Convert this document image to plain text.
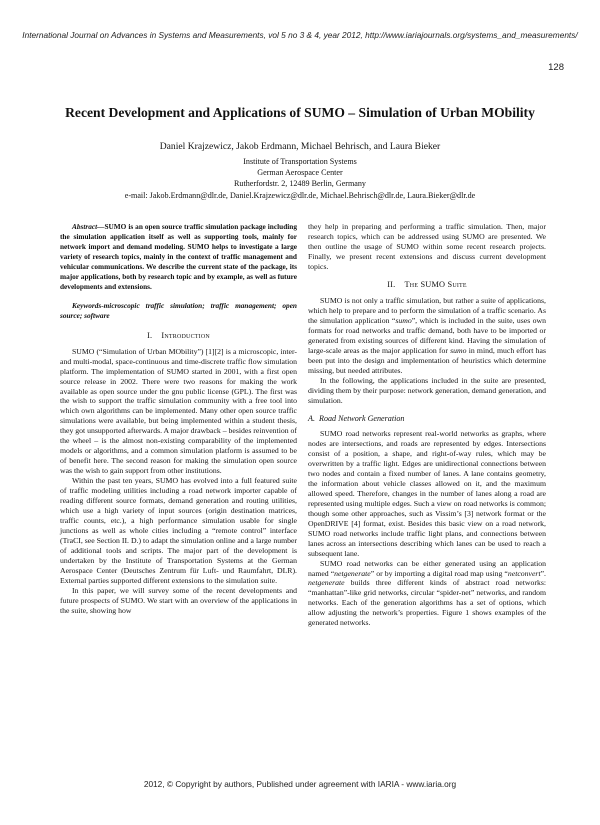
International Journal on Advances in Systems and Measurements, vol 5 no 3 & 4, year 2012, http://www.iariajournals.org/systems_and_measurements/
128
Recent Development and Applications of SUMO – Simulation of Urban MObility
Daniel Krajzewicz, Jakob Erdmann, Michael Behrisch, and Laura Bieker
Institute of Transportation Systems
German Aerospace Center
Rutherfordstr. 2, 12489 Berlin, Germany
e-mail: Jakob.Erdmann@dlr.de, Daniel.Krajzewicz@dlr.de, Michael.Behrisch@dlr.de, Laura.Bieker@dlr.de

Abstract—SUMO is an open source traffic simulation package including the simulation application itself as well as supporting tools, mainly for network import and demand modeling. SUMO helps to investigate a large variety of research topics, mainly in the context of traffic management and vehicular communications. We describe the current state of the package, its major applications, both by research topic and by example, as well as future developments and extensions.

Keywords-microscopic traffic simulation; traffic management; open source; software

I. Introduction

SUMO (“Simulation of Urban MObility”) [1][2] is a microscopic, inter- and multi-modal, space-continuous and time-discrete traffic flow simulation platform. The implementation of SUMO started in 2001, with a first open source release in 2002. There were two reasons for making the work available as open source under the gnu public license (GPL). The first was the wish to support the traffic simulation community with a free tool into which own algorithms can be implemented. Many other open source traffic simulations were available, but being implemented within a student thesis, they got unsupported afterwards. A major drawback – besides reinvention of the wheel – is the almost non-existing comparability of the implemented models or algorithms, and a common simulation platform is assumed to be of benefit here. The second reason for making the simulation open source was the wish to gain support from other institutions.

Within the past ten years, SUMO has evolved into a full featured suite of traffic modeling utilities including a road network importer capable of reading different source formats, demand generation and routing utilities, which use a high variety of input sources (origin destination matrices, traffic counts, etc.), a high performance simulation usable for single junctions as well as whole cities including a “remote control” interface (TraCI, see Section II. D.) to adapt the simulation online and a large number of additional tools and scripts. The major part of the development is undertaken by the Institute of Transportation Systems at the German Aerospace Center (Deutsches Zentrum für Luft- und Raumfahrt, DLR). External parties supported different extensions to the simulation suite.

In this paper, we will survey some of the recent developments and future prospects of SUMO. We start with an overview of the applications in the suite, showing how

they help in preparing and performing a traffic simulation. Then, major research topics, which can be addressed using SUMO are presented. We then outline the usage of SUMO within some recent research projects. Finally, we present recent extensions and discuss current development topics.

II. The SUMO Suite

SUMO is not only a traffic simulation, but rather a suite of applications, which help to prepare and to perform the simulation of a traffic scenario. As the simulation application “sumo”, which is included in the suite, uses own formats for road networks and traffic demand, both have to be imported or generated from existing sources of different kind. Having the simulation of large-scale areas as the major application for sumo in mind, much effort has been put into the design and implementation of heuristics which determine missing, but needed attributes.

In the following, the applications included in the suite are presented, dividing them by their purpose: network generation, demand generation, and simulation.

A. Road Network Generation

SUMO road networks represent real-world networks as graphs, where nodes are intersections, and roads are represented by edges. Intersections consist of a position, a shape, and right-of-way rules, which may be overwritten by a traffic light. Edges are unidirectional connections between two nodes and contain a fixed number of lanes. A lane contains geometry, the information about vehicle classes allowed on it, and the maximum allowed speed. Therefore, changes in the number of lanes along a road are represented using multiple edges. Such a view on road networks is common; though some other approaches, such as Vissim’s [3] network format or the OpenDRIVE [4] format, exist. Besides this basic view on a road network, SUMO road networks include traffic light plans, and connections between lanes across an intersections describing which lanes can be used to reach a subsequent lane.

SUMO road networks can be either generated using an application named “netgenerate” or by importing a digital road map using “netconvert”. netgenerate builds three different kinds of abstract road networks: “manhattan”-like grid networks, circular “spider-net” networks, and random networks. Each of the generation algorithms has a set of options, which allow adjusting the network’s properties. Figure 1 shows examples of the generated networks.

2012, © Copyright by authors, Published under agreement with IARIA - www.iaria.org
